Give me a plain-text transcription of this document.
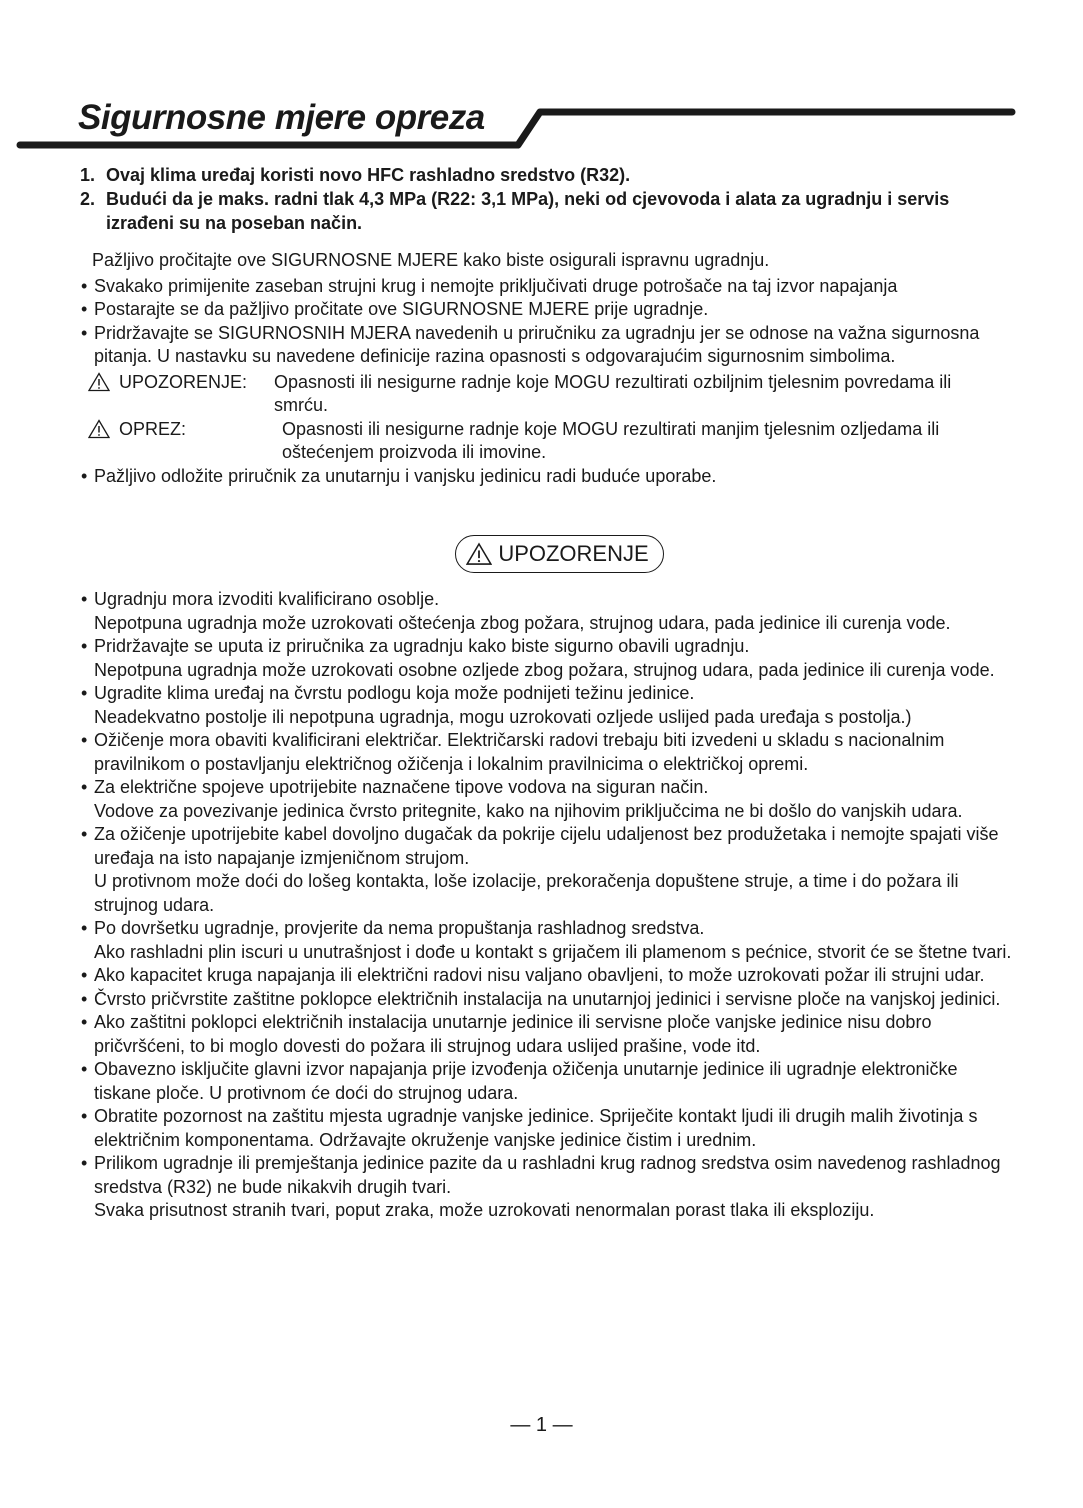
Sigurnosne mjere opreza
1. Ovaj klima uređaj koristi novo HFC rashladno sredstvo (R32).
2. Budući da je maks. radni tlak 4,3 MPa (R22: 3,1 MPa), neki od cjevovoda i alata za ugradnju i servis izrađeni su na poseban način.
Pažljivo pročitajte ove SIGURNOSNE MJERE kako biste osigurali ispravnu ugradnju.
• Svakako primijenite zaseban strujni krug i nemojte priključivati druge potrošače na taj izvor napajanja
• Postarajte se da pažljivo pročitate ove SIGURNOSNE MJERE prije ugradnje.
• Pridržavajte se SIGURNOSNIH MJERA navedenih u priručniku za ugradnju jer se odnose na važna sigurnosna pitanja. U nastavku su navedene definicije razina opasnosti s odgovarajućim sigurnosnim simbolima.
UPOZORENJE: Opasnosti ili nesigurne radnje koje MOGU rezultirati ozbiljnim tjelesnim povredama ili smrću.
OPREZ:	Opasnosti ili nesigurne radnje koje MOGU rezultirati manjim tjelesnim ozljedama ili oštećenjem proizvoda ili imovine.
• Pažljivo odložite priručnik za unutarnju i vanjsku jedinicu radi buduće uporabe.
UPOZORENJE
• Ugradnju mora izvoditi kvalificirano osoblje.
Nepotpuna ugradnja može uzrokovati oštećenja zbog požara, strujnog udara, pada jedinice ili curenja vode.
• Pridržavajte se uputa iz priručnika za ugradnju kako biste sigurno obavili ugradnju.
Nepotpuna ugradnja može uzrokovati osobne ozljede zbog požara, strujnog udara, pada jedinice ili curenja vode.
• Ugradite klima uređaj na čvrstu podlogu koja može podnijeti težinu jedinice.
Neadekvatno postolje ili nepotpuna ugradnja, mogu uzrokovati ozljede uslijed pada uređaja s postolja.)
• Ožičenje mora obaviti kvalificirani električar. Električarski radovi trebaju biti izvedeni u skladu s nacionalnim pravilnikom o postavljanju električnog ožičenja i lokalnim pravilnicima o električkoj opremi.
• Za električne spojeve upotrijebite naznačene tipove vodova na siguran način.
Vodove za povezivanje jedinica čvrsto pritegnite, kako na njihovim priključcima ne bi došlo do vanjskih udara.
• Za ožičenje upotrijebite kabel dovoljno dugačak da pokrije cijelu udaljenost bez produžetaka i nemojte spajati više uređaja na isto napajanje izmjeničnom strujom.
U protivnom može doći do lošeg kontakta, loše izolacije, prekoračenja dopuštene struje, a time i do požara ili strujnog udara.
• Po dovršetku ugradnje, provjerite da nema propuštanja rashladnog sredstva.
Ako rashladni plin iscuri u unutrašnjost i dođe u kontakt s grijačem ili plamenom s pećnice, stvorit će se štetne tvari.
• Ako kapacitet kruga napajanja ili električni radovi nisu valjano obavljeni, to može uzrokovati požar ili strujni udar.
• Čvrsto pričvrstite zaštitne poklopce električnih instalacija na unutarnjoj jedinici i servisne ploče na vanjskoj jedinici.
• Ako zaštitni poklopci električnih instalacija unutarnje jedinice ili servisne ploče vanjske jedinice nisu dobro pričvršćeni, to bi moglo dovesti do požara ili strujnog udara uslijed prašine, vode itd.
• Obavezno isključite glavni izvor napajanja prije izvođenja ožičenja unutarnje jedinice ili ugradnje elektroničke tiskane ploče. U protivnom će doći do strujnog udara.
• Obratite pozornost na zaštitu mjesta ugradnje vanjske jedinice. Spriječite kontakt ljudi ili drugih malih životinja s električnim komponentama. Održavajte okruženje vanjske jedinice čistim i urednim.
• Prilikom ugradnje ili premještanja jedinice pazite da u rashladni krug radnog sredstva osim navedenog rashladnog sredstva (R32) ne bude nikakvih drugih tvari.
Svaka prisutnost stranih tvari, poput zraka, može uzrokovati nenormalan porast tlaka ili eksploziju.
— 1 —
